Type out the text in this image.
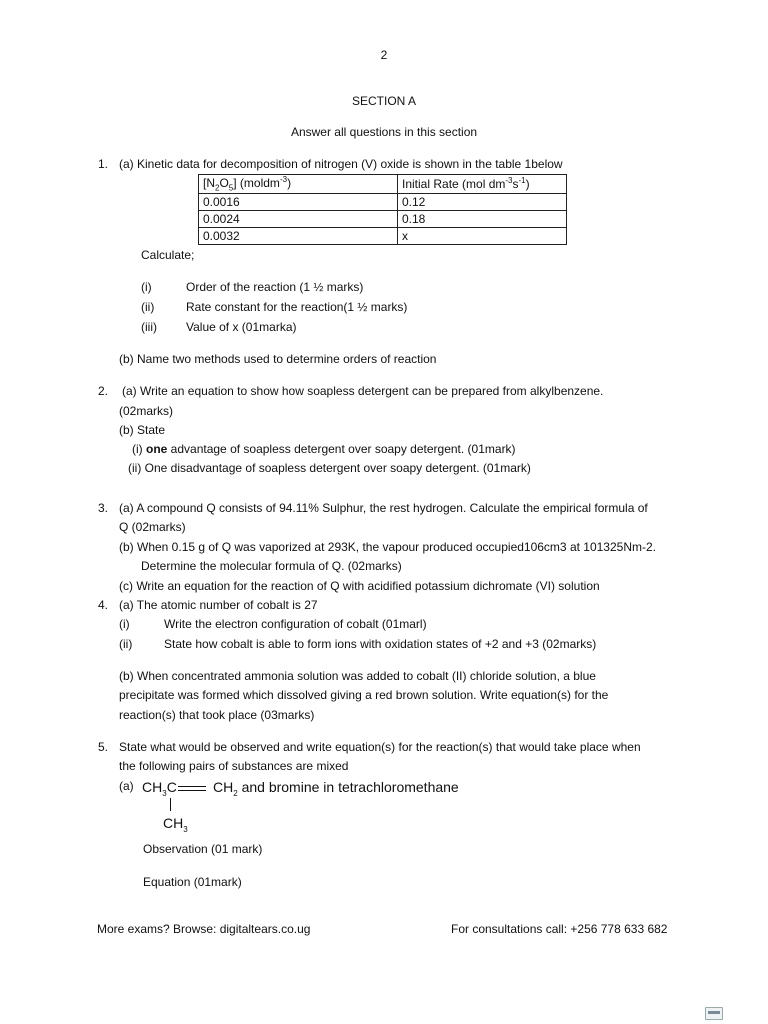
2
SECTION A
Answer all questions in this section
1. (a) Kinetic data for decomposition of nitrogen (V) oxide is shown in the table 1below
$[N_2O_5]$ (moldm$^{-3}$)	Initial Rate (mol $dm^{-3}s^{-1}$)
0.0016	0.12
0.0024	0.18
0.0032	x
Calculate;
(i)	Order of the reaction (1 ½ marks)
(ii)	Rate constant for the reaction(1 ½ marks)
(iii) Value of x (01marka)
(b) Name two methods used to determine orders of reaction
2. (a) Write an equation to show how soapless detergent can be prepared from alkylbenzene.
(02marks)
(b) State
(i) one advantage of soapless detergent over soapy detergent. (01mark)
(ii) One disadvantage of soapless detergent over soapy detergent. (01mark)
3. (a) A compound Q consists of 94.11% Sulphur, the rest hydrogen. Calculate the empirical formula of
Q (02marks)
(b) When 0.15 g of Q was vaporized at 293K, the vapour produced occupied106cm3 at 101325Nm-2.
Determine the molecular formula of Q. (02marks)
(c) Write an equation for the reaction of Q with acidified potassium dichromate (VI) solution
4. (a) The atomic number of cobalt is 27
(i)	Write the electron configuration of cobalt (01marl)
(ii)	State how cobalt is able to form ions with oxidation states of +2 and +3 (02marks)
(b) When concentrated ammonia solution was added to cobalt (II) chloride solution, a blue
precipitate was formed which dissolved giving a red brown solution. Write equation(s) for the
reaction(s) that took place (03marks)
5. State what would be observed and write equation(s) for the reaction(s) that would take place when
the following pairs of substances are mixed
(a) $CH_3C$	$CH_2$ and bromine in tetrachloromethane
$CH_3$
Observation (01 mark)
Equation (01mark)
More exams? Browse: digitaltears.co.ug	For consultations call: +256 778 633 682
